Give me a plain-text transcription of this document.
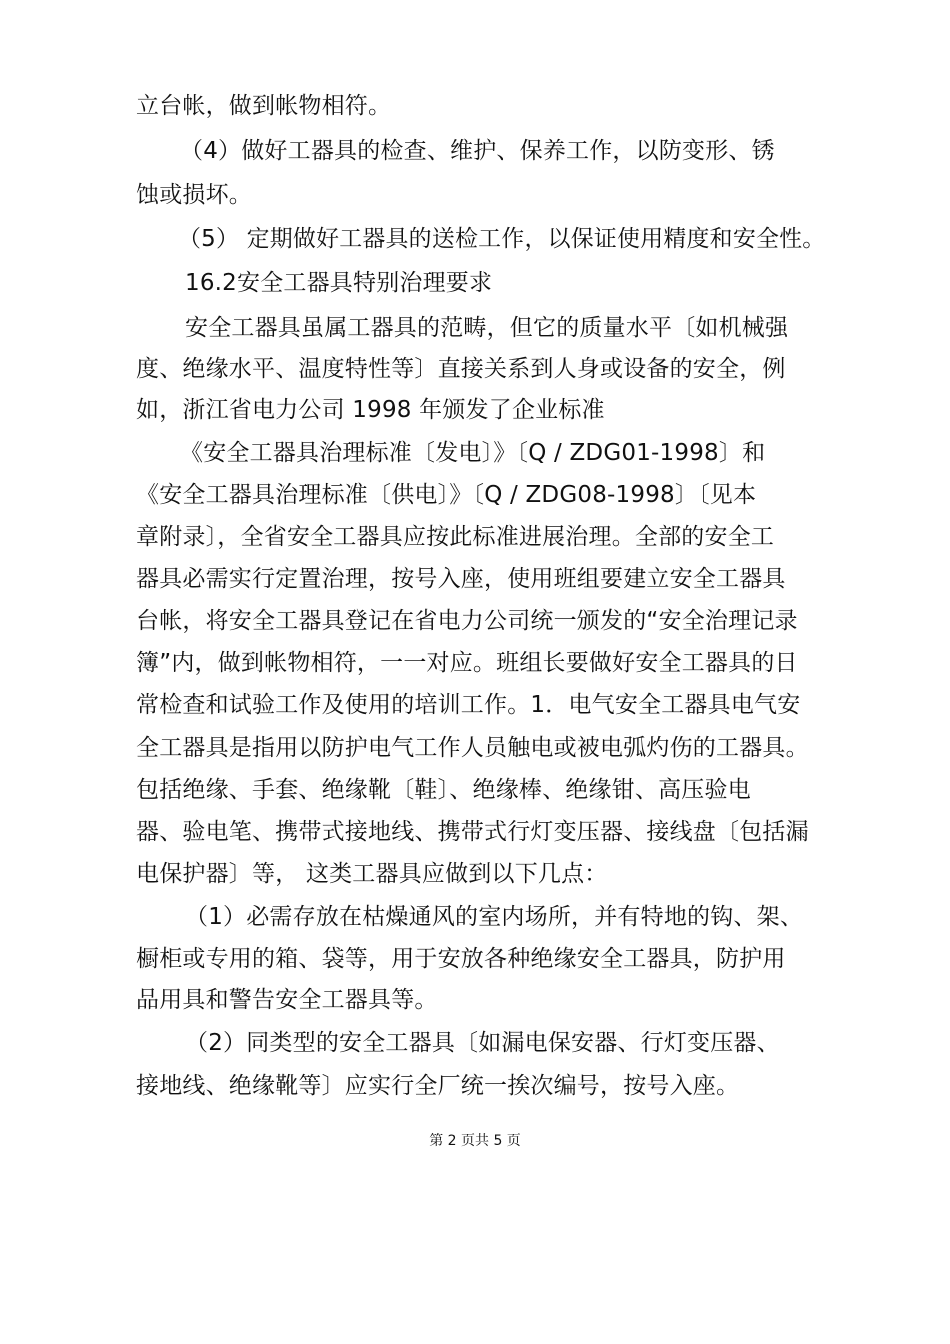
立台帐，做到帐物相符。
（4）做好工器具的检查、维护、保养工作，以防变形、锈
蚀或损坏。
（5） 定期做好工器具的送检工作，以保证使用精度和安全性。
16.2安全工器具特别治理要求
安全工器具虽属工器具的范畴，但它的质量水平〔如机械强
度、绝缘水平、温度特性等〕直接关系到人身或设备的安全，例
如，浙江省电力公司 1998 年颁发了企业标准
《安全工器具治理标准〔发电〕》〔Q / ZDG01-1998〕和
《安全工器具治理标准〔供电〕》〔Q / ZDG08-1998〕〔见本
章附录〕，全省安全工器具应按此标准进展治理。全部的安全工
器具必需实行定置治理，按号入座，使用班组要建立安全工器具
台帐，将安全工器具登记在省电力公司统一颁发的“安全治理记录
簿”内，做到帐物相符，一一对应。班组长要做好安全工器具的日
常检查和试验工作及使用的培训工作。1．电气安全工器具电气安
全工器具是指用以防护电气工作人员触电或被电弧灼伤的工器具。
包括绝缘、手套、绝缘靴〔鞋〕、绝缘棒、绝缘钳、高压验电
器、验电笔、携带式接地线、携带式行灯变压器、接线盘〔包括漏
电保护器〕等， 这类工器具应做到以下几点：
（1）必需存放在枯燥通风的室内场所，并有特地的钩、架、
橱柜或专用的箱、袋等，用于安放各种绝缘安全工器具，防护用
品用具和警告安全工器具等。
（2）同类型的安全工器具〔如漏电保安器、行灯变压器、
接地线、绝缘靴等〕应实行全厂统一挨次编号，按号入座。
第 2 页共 5 页
